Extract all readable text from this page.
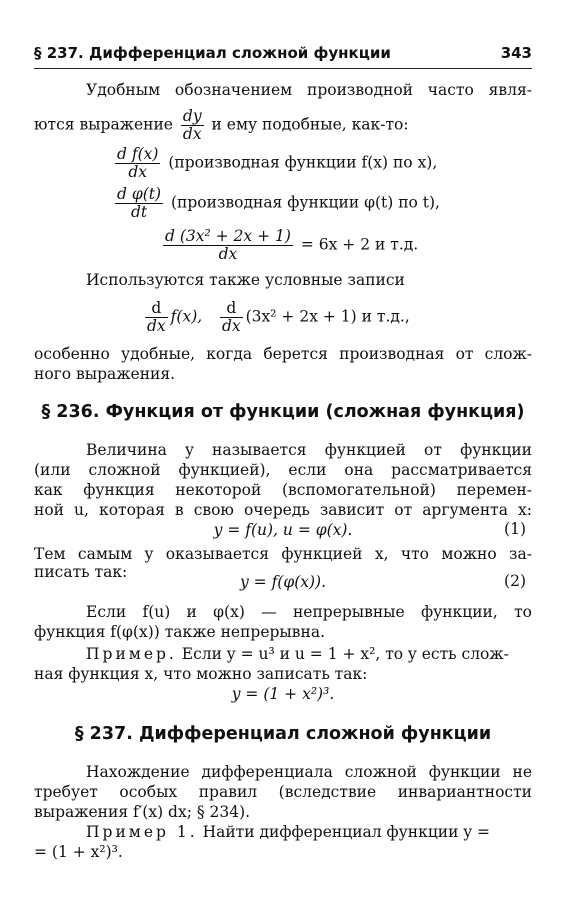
§ 237. Дифференциал сложной функции	343
Удобным обозначением производной часто явля-
ются выражение $\frac{dy}{dx}$ и ему подобные, как-то:
$\frac{\text{d f(x)}}{dx}$ (производная функции f(x) по x),
$\frac{\text{d φ(t)}}{dt}$ (производная функции φ(t) по t),
$\frac{\text{d (3x² + 2x + 1)}}{dx} = 6x + 2$ и т.д.
Используются также условные записи
$\frac{d}{dx} f(x)$, $\frac{d}{dx} (3x^2 + 2x + 1)$ и т.д.,
особенно удобные, когда берется производная от слож-
ного выражения.
§ 236. Функция от функции (сложная функция)
Величина y называется функцией от функции
(или сложной функцией), если она рассматривается
как функция некоторой (вспомогательной) перемен-
ной u, которая в свою очередь зависит от аргумента x:
y = f(u), u = φ(x).	(1)
Тем самым y оказывается функцией x, что можно за-
писать так:
y = f(φ(x)).	(2)
Если f(u) и φ(x) — непрерывные функции, то
функция f(φ(x)) также непрерывна.
Пример. Если y = u³ и u = 1 + x², то y есть слож-
ная функция x, что можно записать так:
y = (1 + x²)³.
§ 237. Дифференциал сложной функции
Нахождение дифференциала сложной функции не
требует особых правил (вследствие инвариантности
выражения f′(x) dx; § 234).
Пример 1. Найти дифференциал функции y =
= (1 + x²)³.
